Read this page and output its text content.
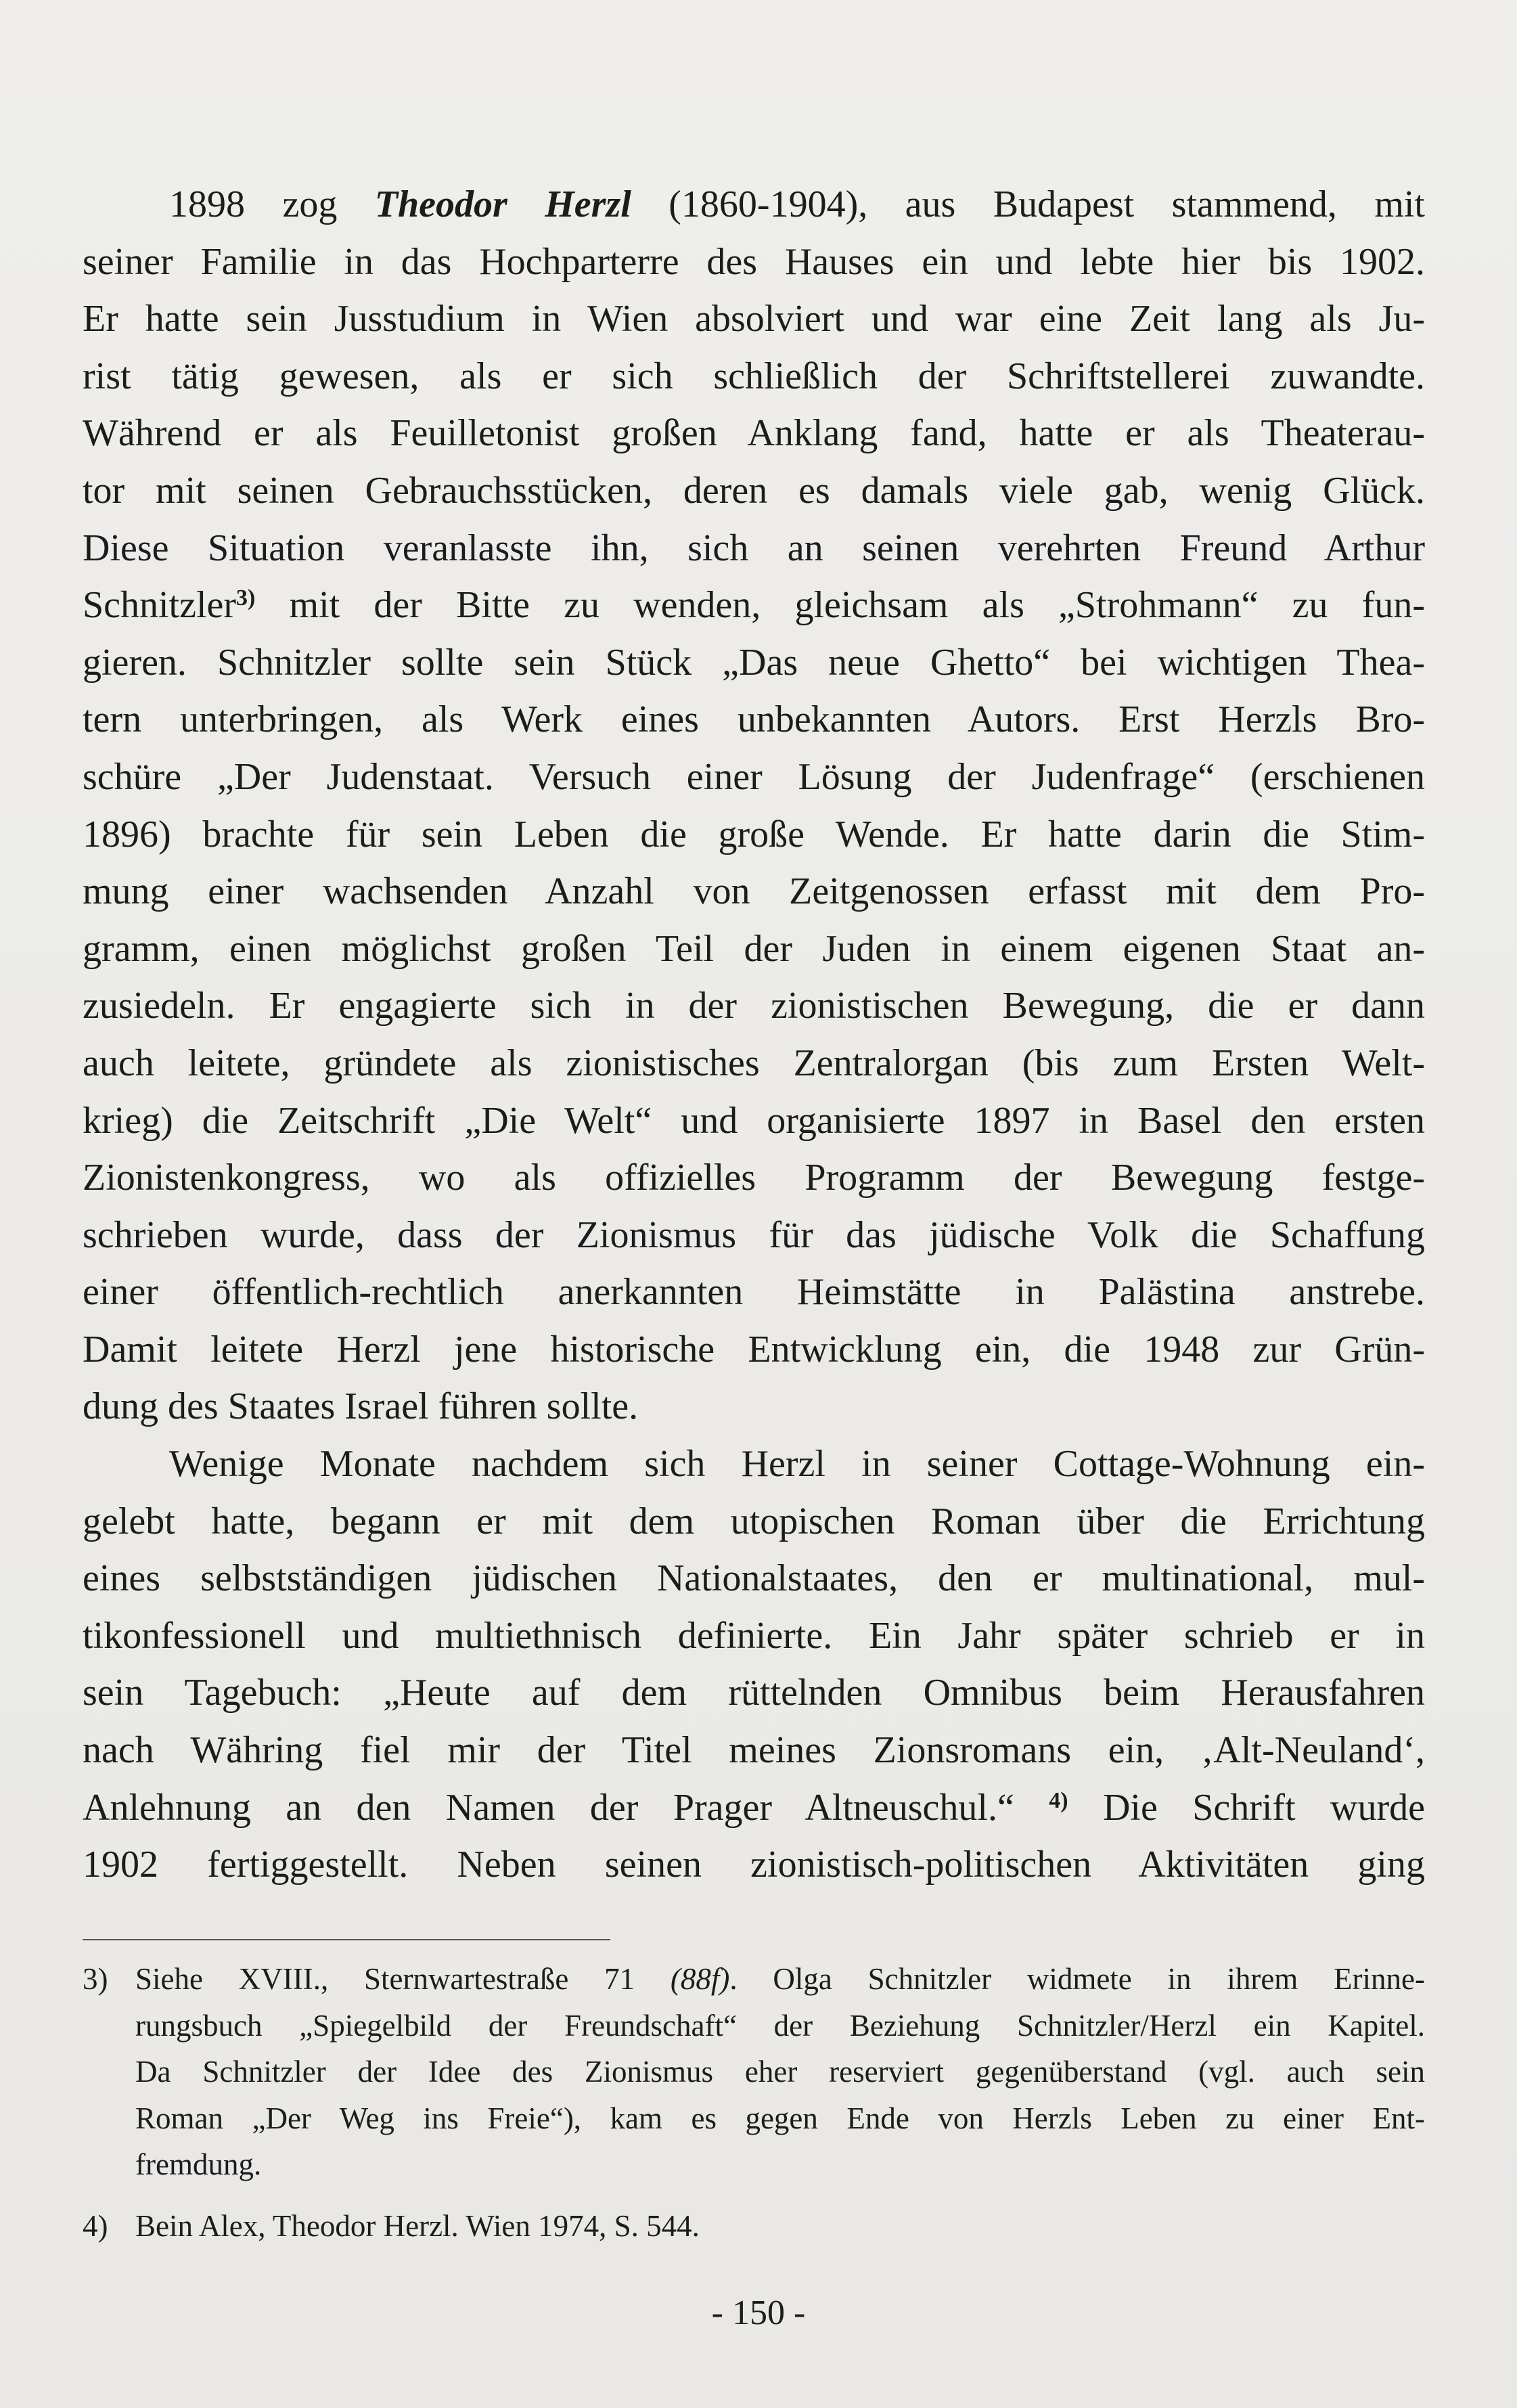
1898 zog Theodor Herzl (1860-1904), aus Budapest stammend, mit
seiner Familie in das Hochparterre des Hauses ein und lebte hier bis 1902.
Er hatte sein Jusstudium in Wien absolviert und war eine Zeit lang als Ju-
rist tätig gewesen, als er sich schließlich der Schriftstellerei zuwandte.
Während er als Feuilletonist großen Anklang fand, hatte er als Theaterau-
tor mit seinen Gebrauchsstücken, deren es damals viele gab, wenig Glück.
Diese Situation veranlasste ihn, sich an seinen verehrten Freund Arthur
Schnitzler$^{3)}$ mit der Bitte zu wenden, gleichsam als „Strohmann“ zu fun-
gieren. Schnitzler sollte sein Stück „Das neue Ghetto“ bei wichtigen Thea-
tern unterbringen, als Werk eines unbekannten Autors. Erst Herzls Bro-
schüre „Der Judenstaat. Versuch einer Lösung der Judenfrage“ (erschienen
1896) brachte für sein Leben die große Wende. Er hatte darin die Stim-
mung einer wachsenden Anzahl von Zeitgenossen erfasst mit dem Pro-
gramm, einen möglichst großen Teil der Juden in einem eigenen Staat an-
zusiedeln. Er engagierte sich in der zionistischen Bewegung, die er dann
auch leitete, gründete als zionistisches Zentralorgan (bis zum Ersten Welt-
krieg) die Zeitschrift „Die Welt“ und organisierte 1897 in Basel den ersten
Zionistenkongress, wo als offizielles Programm der Bewegung festge-
schrieben wurde, dass der Zionismus für das jüdische Volk die Schaffung
einer öffentlich-rechtlich anerkannten Heimstätte in Palästina anstrebe.
Damit leitete Herzl jene historische Entwicklung ein, die 1948 zur Grün-
dung des Staates Israel führen sollte.
Wenige Monate nachdem sich Herzl in seiner Cottage-Wohnung ein-
gelebt hatte, begann er mit dem utopischen Roman über die Errichtung
eines selbstständigen jüdischen Nationalstaates, den er multinational, mul-
tikonfessionell und multiethnisch definierte. Ein Jahr später schrieb er in
sein Tagebuch: „Heute auf dem rüttelnden Omnibus beim Herausfahren
nach Währing fiel mir der Titel meines Zionsromans ein, ‚Alt-Neuland‘,
Anlehnung an den Namen der Prager Altneuschul.“ $^{4)}$ Die Schrift wurde
1902 fertiggestellt. Neben seinen zionistisch-politischen Aktivitäten ging
3) Siehe XVIII., Sternwartestraße 71 (88f). Olga Schnitzler widmete in ihrem Erinne-
rungsbuch „Spiegelbild der Freundschaft“ der Beziehung Schnitzler/Herzl ein Kapitel.
Da Schnitzler der Idee des Zionismus eher reserviert gegenüberstand (vgl. auch sein
Roman „Der Weg ins Freie“), kam es gegen Ende von Herzls Leben zu einer Ent-
fremdung.
4) Bein Alex, Theodor Herzl. Wien 1974, S. 544.
- 150 -
